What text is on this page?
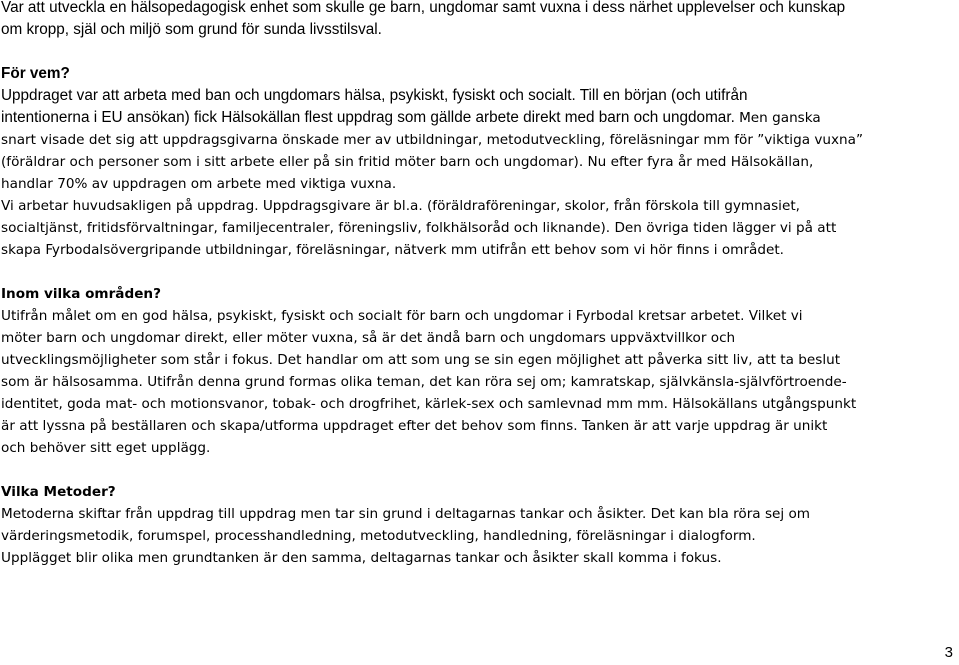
Var att utveckla en hälsopedagogisk enhet som skulle ge barn, ungdomar samt vuxna i dess närhet upplevelser och kunskap
om kropp, själ och miljö som grund för sunda livsstilsval.
För vem?
Uppdraget var att arbeta med ban och ungdomars hälsa, psykiskt, fysiskt och socialt. Till en början (och utifrån
intentionerna i EU ansökan) fick Hälsokällan flest uppdrag som gällde arbete direkt med barn och ungdomar. Men ganska
snart visade det sig att uppdragsgivarna önskade mer av utbildningar, metodutveckling, föreläsningar mm för ”viktiga vuxna”
(föräldrar och personer som i sitt arbete eller på sin fritid möter barn och ungdomar). Nu efter fyra år med Hälsokällan,
handlar 70% av uppdragen om arbete med viktiga vuxna.
Vi arbetar huvudsakligen på uppdrag. Uppdragsgivare är bl.a. (föräldraföreningar, skolor, från förskola till gymnasiet,
socialtjänst, fritidsförvaltningar, familjecentraler, föreningsliv, folkhälsoråd och liknande). Den övriga tiden lägger vi på att
skapa Fyrbodalsövergripande utbildningar, föreläsningar, nätverk mm utifrån ett behov som vi hör finns i området.
Inom vilka områden?
Utifrån målet om en god hälsa, psykiskt, fysiskt och socialt för barn och ungdomar i Fyrbodal kretsar arbetet. Vilket vi
möter barn och ungdomar direkt, eller möter vuxna, så är det ändå barn och ungdomars uppväxtvillkor och
utvecklingsmöjligheter som står i fokus. Det handlar om att som ung se sin egen möjlighet att påverka sitt liv, att ta beslut
som är hälsosamma. Utifrån denna grund formas olika teman, det kan röra sej om; kamratskap, självkänsla-självförtroende-
identitet, goda mat- och motionsvanor, tobak- och drogfrihet, kärlek-sex och samlevnad mm mm. Hälsokällans utgångspunkt
är att lyssna på beställaren och skapa/utforma uppdraget efter det behov som finns. Tanken är att varje uppdrag är unikt
och behöver sitt eget upplägg.
Vilka Metoder?
Metoderna skiftar från uppdrag till uppdrag men tar sin grund i deltagarnas tankar och åsikter. Det kan bla röra sej om
värderingsmetodik, forumspel, processhandledning, metodutveckling, handledning, föreläsningar i dialogform.
Upplägget blir olika men grundtanken är den samma, deltagarnas tankar och åsikter skall komma i fokus.
3
